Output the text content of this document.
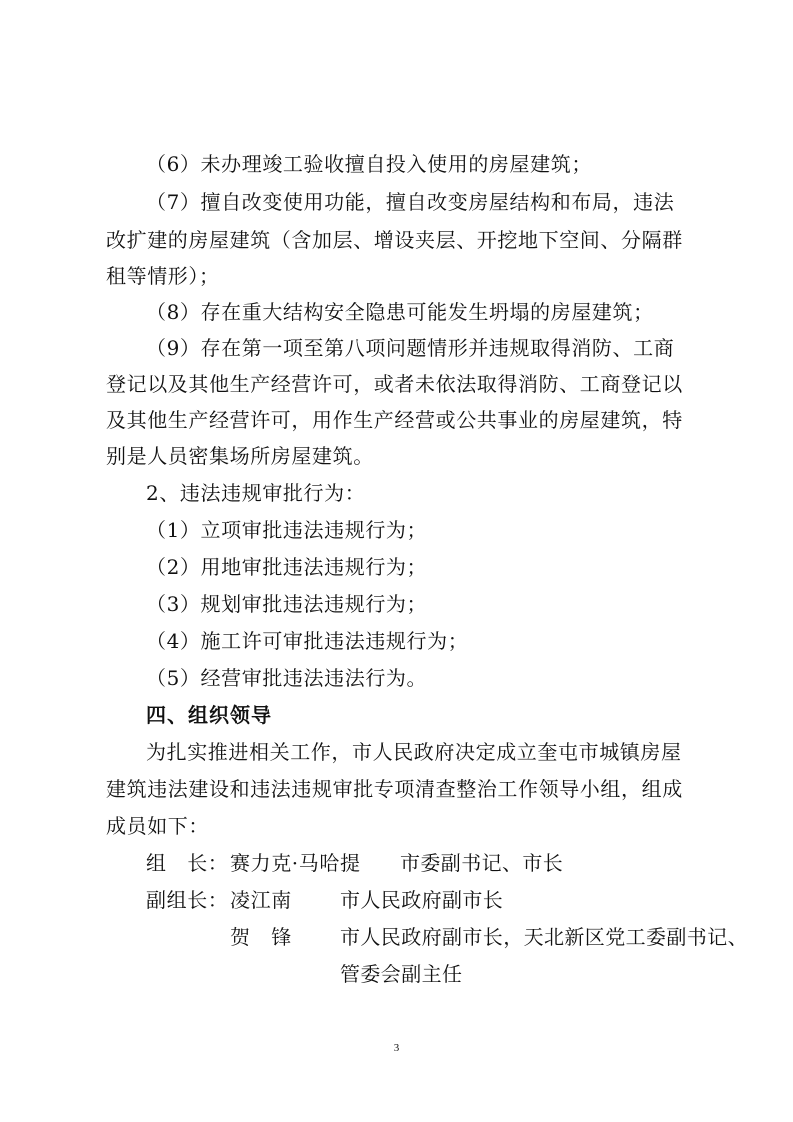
（6）未办理竣工验收擅自投入使用的房屋建筑；
（7）擅自改变使用功能，擅自改变房屋结构和布局，违法
改扩建的房屋建筑（含加层、增设夹层、开挖地下空间、分隔群
租等情形）；
（8）存在重大结构安全隐患可能发生坍塌的房屋建筑；
（9）存在第一项至第八项问题情形并违规取得消防、工商
登记以及其他生产经营许可，或者未依法取得消防、工商登记以
及其他生产经营许可，用作生产经营或公共事业的房屋建筑，特
别是人员密集场所房屋建筑。
2、违法违规审批行为：
（1）立项审批违法违规行为；
（2）用地审批违法违规行为；
（3）规划审批违法违规行为；
（4）施工许可审批违法违规行为；
（5）经营审批违法违法行为。
四、组织领导
为扎实推进相关工作，市人民政府决定成立奎屯市城镇房屋
建筑违法建设和违法违规审批专项清查整治工作领导小组，组成
成员如下：
组　长： 赛力克·马哈提 市委副书记、市长
副组长： 凌江南 市人民政府副市长
贺　锋 市人民政府副市长，天北新区党工委副书记、
管委会副主任
3
